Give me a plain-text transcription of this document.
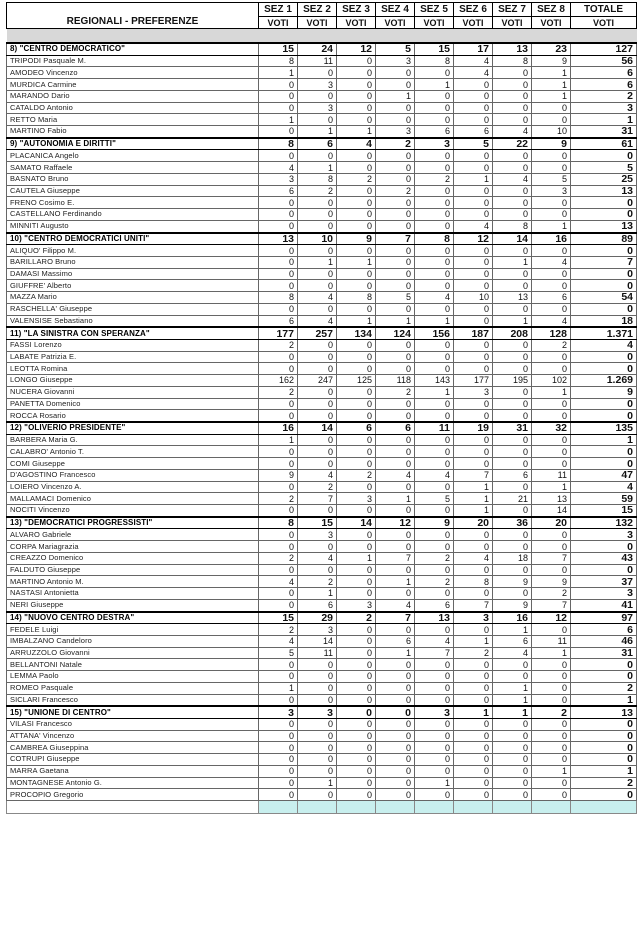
	SEZ 1	SEZ 2	SEZ 3	SEZ 4	SEZ 5	SEZ 6	SEZ 7	SEZ 8	TOTALE
REGIONALI - PREFERENZE	VOTI	VOTI	VOTI	VOTI	VOTI	VOTI	VOTI	VOTI	VOTI

8) "CENTRO DEMOCRATICO"	15	24	12	5	15	17	13	23	127
TRIPODI Pasquale M.	8	11	0	3	8	4	8	9	56
AMODEO Vincenzo	1	0	0	0	0	4	0	1	6
MURDICA Carmine	0	3	0	0	1	0	0	1	6
MARANDO Dario	0	0	0	1	0	0	0	1	2
CATALDO Antonio	0	3	0	0	0	0	0	0	3
RETTO Maria	1	0	0	0	0	0	0	0	1
MARTINO Fabio	0	1	1	3	6	6	4	10	31
9) "AUTONOMIA E DIRITTI"	8	6	4	2	3	5	22	9	61
PLACANICA Angelo	0	0	0	0	0	0	0	0	0
SAMATO Raffaele	4	1	0	0	0	0	0	0	5
BASNATO Bruno	3	8	2	0	2	1	4	5	25
CAUTELA Giuseppe	6	2	0	2	0	0	0	3	13
FRENO Cosimo E.	0	0	0	0	0	0	0	0	0
CASTELLANO Ferdinando	0	0	0	0	0	0	0	0	0
MINNITI Augusto	0	0	0	0	0	4	8	1	13
10) "CENTRO DEMOCRATICI UNITI"	13	10	9	7	8	12	14	16	89
ALIQUO' Filippo M.	0	0	0	0	0	0	0	0	0
BARILLARO Bruno	0	1	1	0	0	0	1	4	7
DAMASI Massimo	0	0	0	0	0	0	0	0	0
GIUFFRE' Alberto	0	0	0	0	0	0	0	0	0
MAZZA Mario	8	4	8	5	4	10	13	6	54
RASCHELLA' Giuseppe	0	0	0	0	0	0	0	0	0
VALENSISE Sebastiano	6	4	1	1	1	0	1	4	18
11) "LA SINISTRA CON SPERANZA"	177	257	134	124	156	187	208	128	1.371
FASSI Lorenzo	2	0	0	0	0	0	0	2	4
LABATE Patrizia E.	0	0	0	0	0	0	0	0	0
LEOTTA Romina	0	0	0	0	0	0	0	0	0
LONGO Giuseppe	162	247	125	118	143	177	195	102	1.269
NUCERA Giovanni	2	0	0	2	1	3	0	1	9
PANETTA Domenico	0	0	0	0	0	0	0	0	0
ROCCA Rosario	0	0	0	0	0	0	0	0	0
12) "OLIVERIO PRESIDENTE"	16	14	6	6	11	19	31	32	135
BARBERA Maria G.	1	0	0	0	0	0	0	0	1
CALABRO' Antonio T.	0	0	0	0	0	0	0	0	0
COMI Giuseppe	0	0	0	0	0	0	0	0	0
D'AGOSTINO Francesco	9	4	2	4	4	7	6	11	47
LOIERO Vincenzo A.	0	2	0	0	0	1	0	1	4
MALLAMACI Domenico	2	7	3	1	5	1	21	13	59
NOCITI Vincenzo	0	0	0	0	0	1	0	14	15
13) "DEMOCRATICI PROGRESSISTI"	8	15	14	12	9	20	36	20	132
ALVARO Gabriele	0	3	0	0	0	0	0	0	3
CORPA Mariagrazia	0	0	0	0	0	0	0	0	0
CREAZZO Domenico	2	4	1	7	2	4	18	7	43
FALDUTO Giuseppe	0	0	0	0	0	0	0	0	0
MARTINO Antonio M.	4	2	0	1	2	8	9	9	37
NASTASI Antonietta	0	1	0	0	0	0	0	2	3
NERI Giuseppe	0	6	3	4	6	7	9	7	41
14) "NUOVO CENTRO DESTRA"	15	29	2	7	13	3	16	12	97
FEDELE Luigi	2	3	0	0	0	0	1	0	6
IMBALZANO Candeloro	4	14	0	6	4	1	6	11	46
ARRUZZOLO Giovanni	5	11	0	1	7	2	4	1	31
BELLANTONI Natale	0	0	0	0	0	0	0	0	0
LEMMA Paolo	0	0	0	0	0	0	0	0	0
ROMEO Pasquale	1	0	0	0	0	0	1	0	2
SICLARI Francesco	0	0	0	0	0	0	1	0	1
15) "UNIONE DI CENTRO"	3	3	0	0	3	1	1	2	13
VILASI Francesco	0	0	0	0	0	0	0	0	0
ATTANA' Vincenzo	0	0	0	0	0	0	0	0	0
CAMBREA Giuseppina	0	0	0	0	0	0	0	0	0
COTRUPI Giuseppe	0	0	0	0	0	0	0	0	0
MARRA Gaetana	0	0	0	0	0	0	0	1	1
MONTAGNESE Antonio G.	0	1	0	0	1	0	0	0	2
PROCOPIO Gregorio	0	0	0	0	0	0	0	0	0
